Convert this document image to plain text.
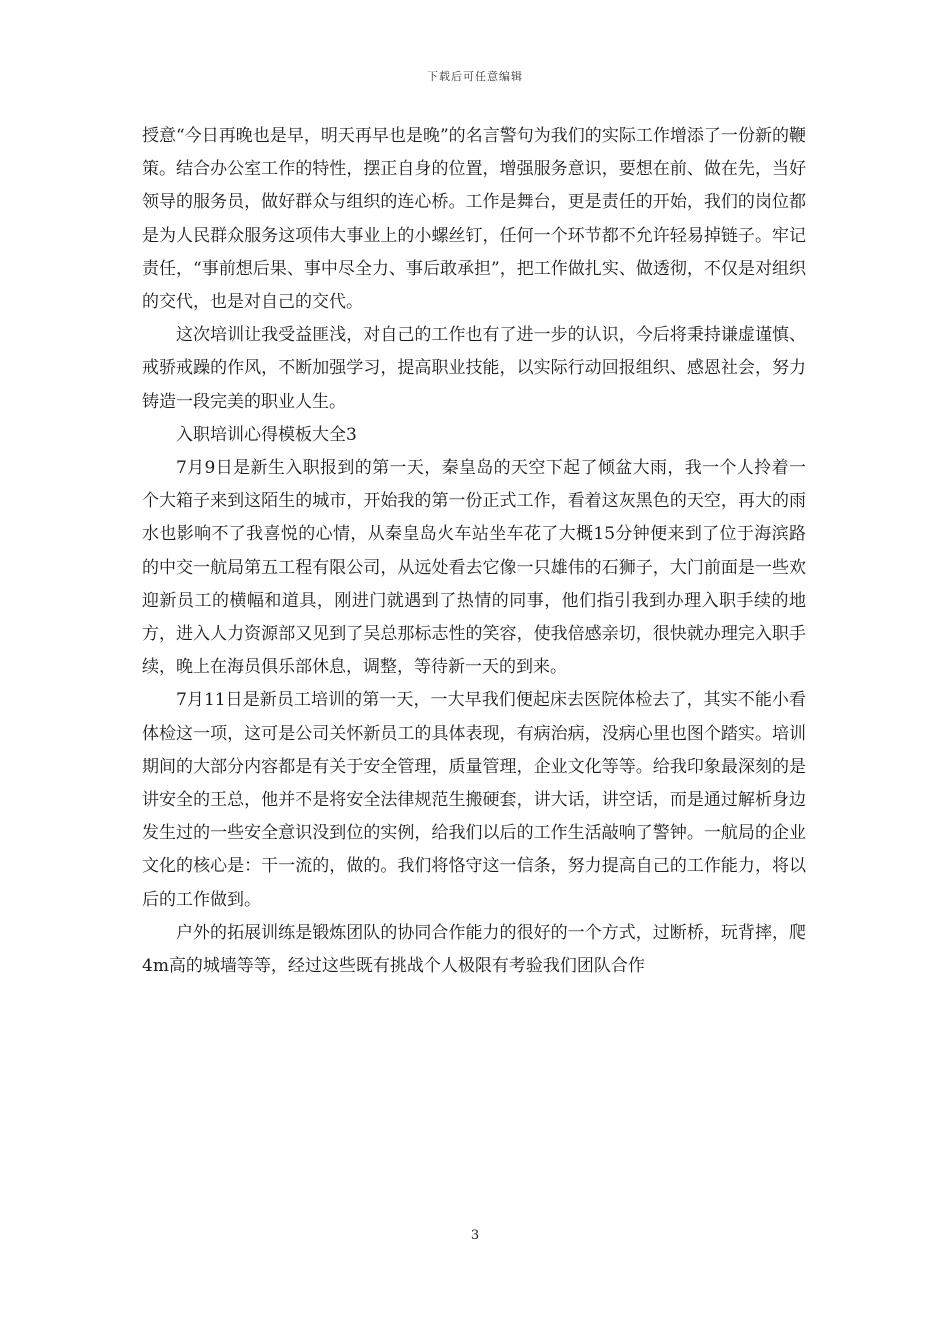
下载后可任意编辑

授意“今日再晚也是早，明天再早也是晚”的名言警句为我们的实际工作增添了一份新的鞭策。结合办公室工作的特性，摆正自身的位置，增强服务意识，要想在前、做在先，当好领导的服务员，做好群众与组织的连心桥。工作是舞台，更是责任的开始，我们的岗位都是为人民群众服务这项伟大事业上的小螺丝钉，任何一个环节都不允许轻易掉链子。牢记责任，“事前想后果、事中尽全力、事后敢承担”，把工作做扎实、做透彻，不仅是对组织的交代，也是对自己的交代。

这次培训让我受益匪浅，对自己的工作也有了进一步的认识，今后将秉持谦虚谨慎、戒骄戒躁的作风，不断加强学习，提高职业技能，以实际行动回报组织、感恩社会，努力铸造一段完美的职业人生。

入职培训心得模板大全3

7月9日是新生入职报到的第一天，秦皇岛的天空下起了倾盆大雨，我一个人拎着一个大箱子来到这陌生的城市，开始我的第一份正式工作，看着这灰黑色的天空，再大的雨水也影响不了我喜悦的心情，从秦皇岛火车站坐车花了大概15分钟便来到了位于海滨路的中交一航局第五工程有限公司，从远处看去它像一只雄伟的石狮子，大门前面是一些欢迎新员工的横幅和道具，刚进门就遇到了热情的同事，他们指引我到办理入职手续的地方，进入人力资源部又见到了吴总那标志性的笑容，使我倍感亲切，很快就办理完入职手续，晚上在海员俱乐部休息，调整，等待新一天的到来。

7月11日是新员工培训的第一天，一大早我们便起床去医院体检去了，其实不能小看体检这一项，这可是公司关怀新员工的具体表现，有病治病，没病心里也图个踏实。培训期间的大部分内容都是有关于安全管理，质量管理，企业文化等等。给我印象最深刻的是讲安全的王总，他并不是将安全法律规范生搬硬套，讲大话，讲空话，而是通过解析身边发生过的一些安全意识没到位的实例，给我们以后的工作生活敲响了警钟。一航局的企业文化的核心是：干一流的，做的。我们将恪守这一信条，努力提高自己的工作能力，将以后的工作做到。

户外的拓展训练是锻炼团队的协同合作能力的很好的一个方式，过断桥，玩背摔，爬4m高的城墙等等，经过这些既有挑战个人极限有考验我们团队合作

3
